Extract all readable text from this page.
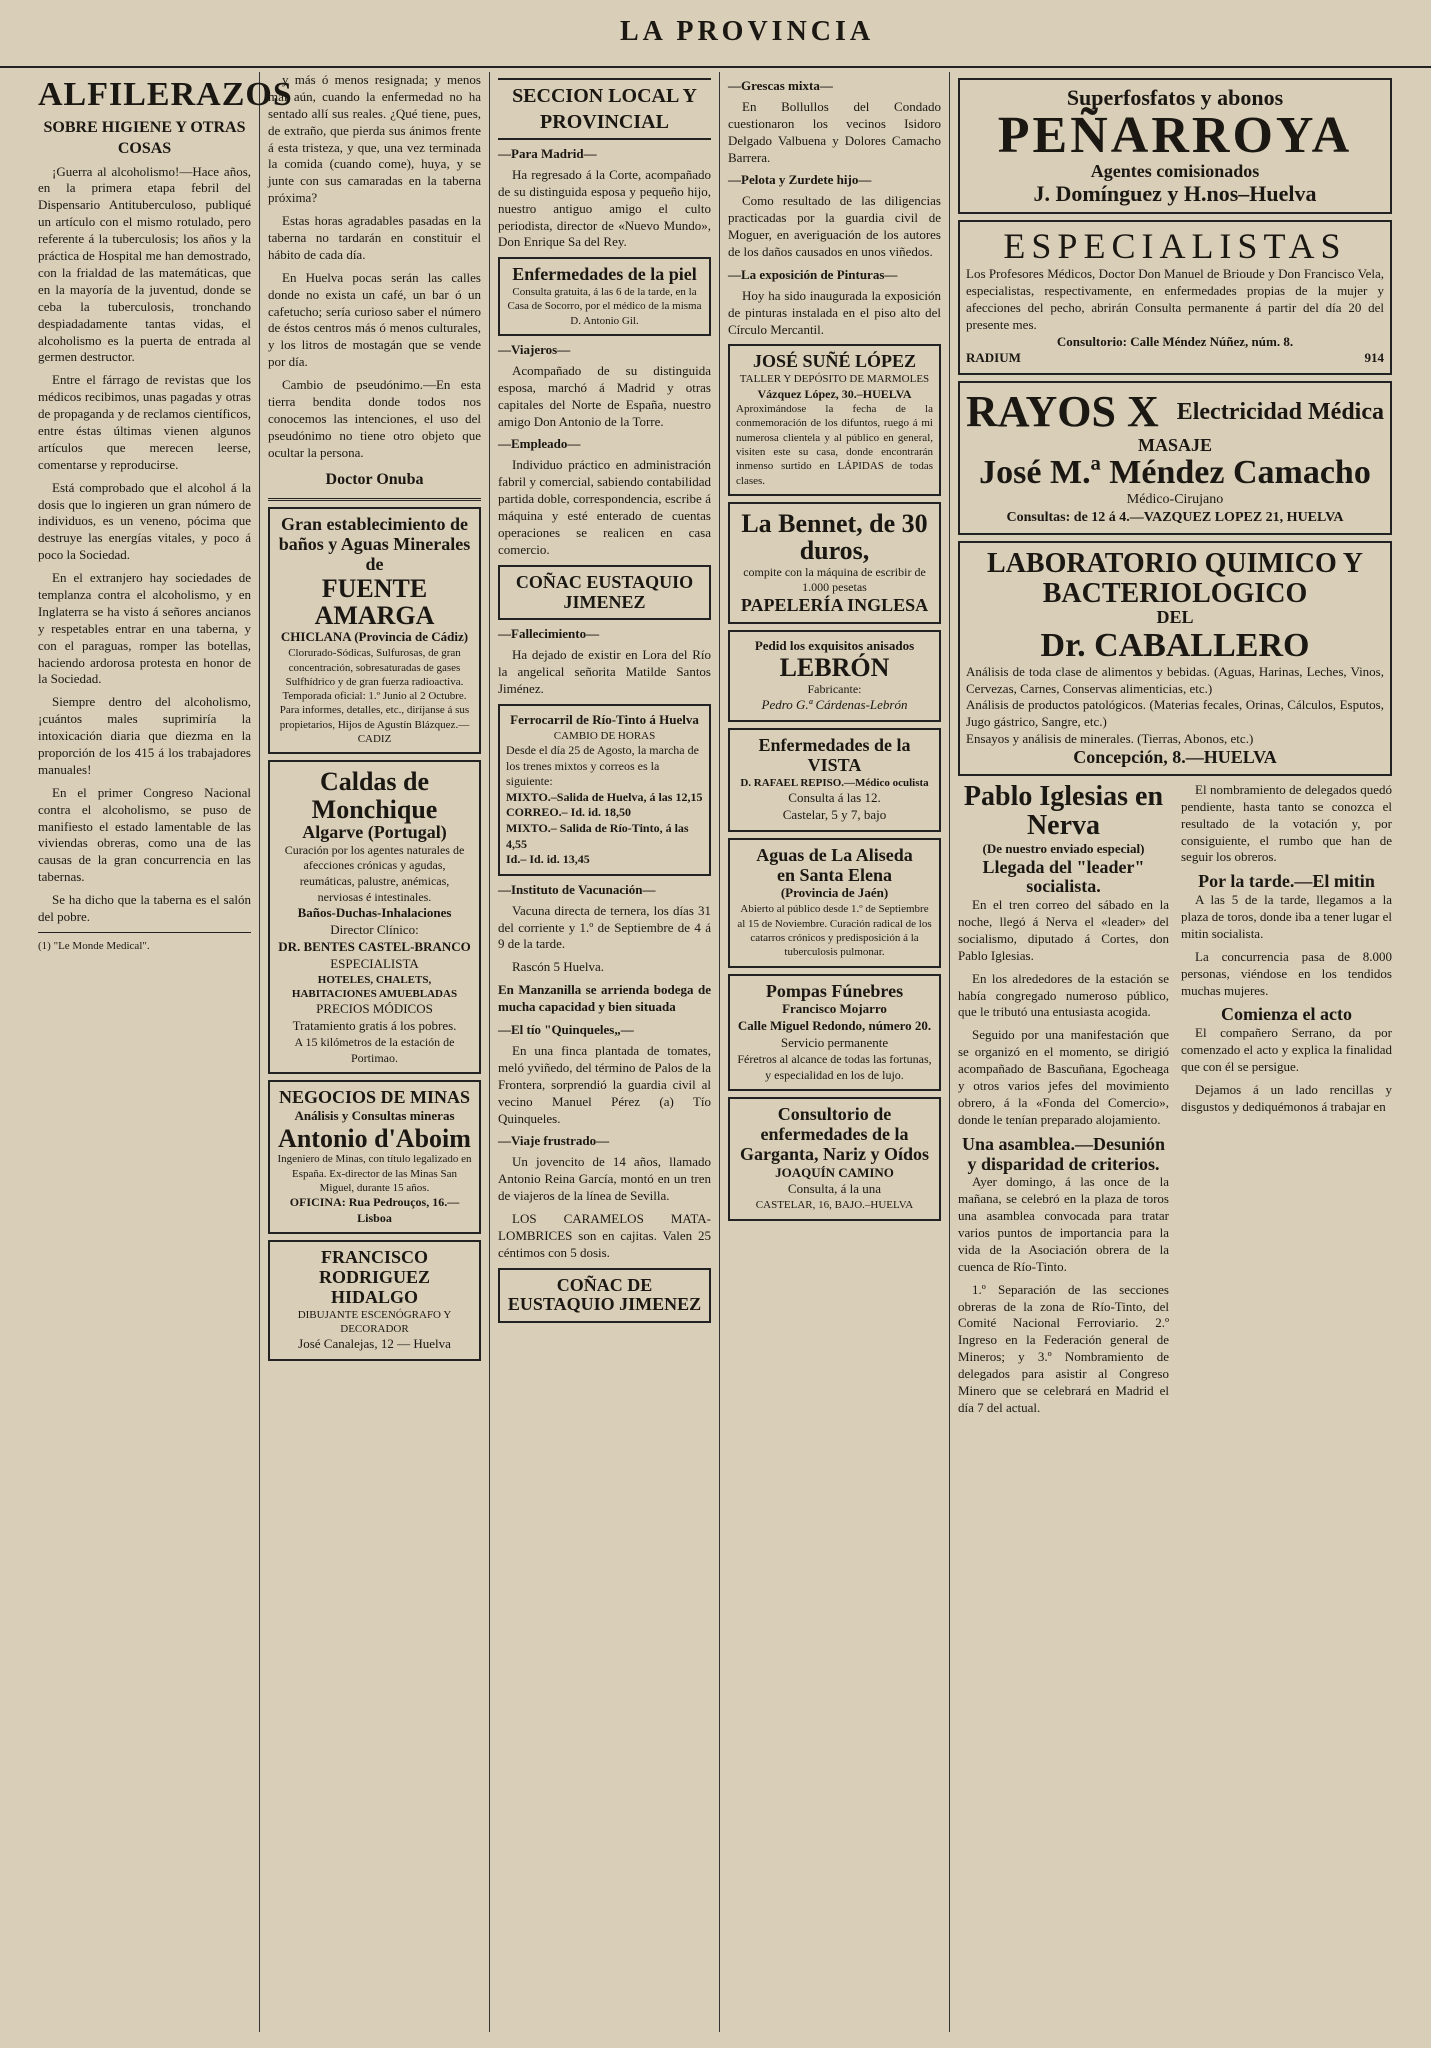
LA PROVINCIA
ALFILERAZOS
SOBRE HIGIENE Y OTRAS COSAS

¡Guerra al alcoholismo!—Hace años, en la primera etapa febril del Dispensario Antituberculoso, publiqué un artículo con el mismo rotulado, pero referente á la tuberculosis; los años y la práctica de Hospital me han demostrado, con la frialdad de las matemáticas, que en la mayoría de la juventud, donde se ceba la tuberculosis, tronchando despiadadamente tantas vidas, el alcoholismo es la puerta de entrada al germen destructor.

Entre el fárrago de revistas que los médicos recibimos, unas pagadas y otras de propaganda y de reclamos científicos, entre éstas últimas vienen algunos artículos que merecen leerse, comentarse y reproducirse.

Está comprobado que el alcohol á la dosis que lo ingieren un gran número de individuos, es un veneno, pócima que destruye las energías vitales, y poco á poco la Sociedad.

En el extranjero hay sociedades de templanza contra el alcoholismo, y en Inglaterra se ha visto á señores ancianos y respetables entrar en una taberna, y con el paraguas, romper las botellas, haciendo ardorosa protesta en honor de la Sociedad.

Siempre dentro del alcoholismo, ¡cuántos males suprimiría la intoxicación diaria que diezma en la proporción de los 415 á los trabajadores manuales!

En el primer Congreso Nacional contra el alcoholismo, se puso de manifiesto el estado lamentable de las viviendas obreras, como una de las causas de la gran concurrencia en las tabernas.

Se ha dicho que la taberna es el salón del pobre.

(1) "Le Monde Medical".

y más ó menos resignada; y menos mal aún, cuando la enfermedad no ha sentado allí sus reales. ¿Qué tiene, pues, de extraño, que pierda sus ánimos frente á esta tristeza, y que, una vez terminada la comida (cuando come), huya, y se junte con sus camaradas en la taberna próxima?

Estas horas agradables pasadas en la taberna no tardarán en constituir el hábito de cada día.

En Huelva pocas serán las calles donde no exista un café, un bar ó un cafetucho; sería curioso saber el número de éstos centros más ó menos culturales, y los litros de mostagán que se vende por día.

Cambio de pseudónimo.—En esta tierra bendita donde todos nos conocemos las intenciones, el uso del pseudónimo no tiene otro objeto que ocultar la persona.

Doctor Onuba
Gran establecimiento de baños y Aguas Minerales de
FUENTE AMARGA
CHICLANA (Provincia de Cádiz)
Clorurado-Sódicas, Sulfurosas, de gran concentración, sobresaturadas de gases Sulfhídrico y de gran fuerza radioactiva. Temporada oficial: 1.º Junio al 2 Octubre.
Para informes, detalles, etc., diríjanse á sus propietarios, Hijos de Agustín Blázquez.—CADIZ
Caldas de Monchique
Algarve (Portugal)
Curación por los agentes naturales de afecciones crónicas y agudas, reumáticas, palustre, anémicas, nerviosas é intestinales.
Baños-Duchas-Inhalaciones
Director Clínico:
DR. BENTES CASTEL-BRANCO
ESPECIALISTA
HOTELES, CHALETS, HABITACIONES AMUEBLADAS
PRECIOS MÓDICOS
Tratamiento gratis á los pobres.
A 15 kilómetros de la estación de Portimao.
NEGOCIOS DE MINAS
Análisis y Consultas mineras
Antonio d'Aboim
Ingeniero de Minas, con título legalizado en España. Ex-director de las Minas San Miguel, durante 15 años.
OFICINA: Rua Pedrouços, 16.—Lisboa
FRANCISCO RODRIGUEZ HIDALGO
DIBUJANTE ESCENÓGRAFO Y DECORADOR
José Canalejas, 12 — Huelva
SECCION LOCAL Y PROVINCIAL
—Para Madrid—

Ha regresado á la Corte, acompañado de su distinguida esposa y pequeño hijo, nuestro antiguo amigo el culto periodista, director de «Nuevo Mundo», Don Enrique Sa del Rey.

Enfermedades de la piel
Consulta gratuita, á las 6 de la tarde, en la Casa de Socorro, por el médico de la misma D. Antonio Gil.
—Viajeros—

Acompañado de su distinguida esposa, marchó á Madrid y otras capitales del Norte de España, nuestro amigo Don Antonio de la Torre.

—Empleado—

Individuo práctico en administración fabril y comercial, sabiendo contabilidad partida doble, correspondencia, escribe á máquina y esté enterado de cuentas operaciones se realicen en casa comercio.

COÑAC EUSTAQUIO JIMENEZ
—Fallecimiento—

Ha dejado de existir en Lora del Río la angelical señorita Matilde Santos Jiménez.

Ferrocarril de Río-Tinto á Huelva
CAMBIO DE HORAS
Desde el día 25 de Agosto, la marcha de los trenes mixtos y correos es la siguiente:
MIXTO.–Salida de Huelva, á las 12,15
CORREO.– Id. id. 18,50
MIXTO.– Salida de Río-Tinto, á las 4,55
Id.– Id. id. 13,45
—Instituto de Vacunación—

Vacuna directa de ternera, los días 31 del corriente y 1.º de Septiembre de 4 á 9 de la tarde.

Rascón 5 Huelva.

En Manzanilla se arrienda bodega de mucha capacidad y bien situada
—El tío "Quinqueles„—

En una finca plantada de tomates, meló yviñedo, del término de Palos de la Frontera, sorprendió la guardia civil al vecino Manuel Pérez (a) Tío Quinqueles.

—Viaje frustrado—

Un jovencito de 14 años, llamado Antonio Reina García, montó en un tren de viajeros de la línea de Sevilla.

LOS CARAMELOS MATA-LOMBRICES son en cajitas. Valen 25 céntimos con 5 dosis.

COÑAC DE EUSTAQUIO JIMENEZ
—Grescas mixta—

En Bollullos del Condado cuestionaron los vecinos Isidoro Delgado Valbuena y Dolores Camacho Barrera.

—Pelota y Zurdete hijo—

Como resultado de las diligencias practicadas por la guardia civil de Moguer, en averiguación de los autores de los daños causados en unos viñedos.

—La exposición de Pinturas—

Hoy ha sido inaugurada la exposición de pinturas instalada en el piso alto del Círculo Mercantil.

JOSÉ SUÑÉ LÓPEZ
TALLER Y DEPÓSITO DE MARMOLES
Vázquez López, 30.–HUELVA
Aproximándose la fecha de la conmemoración de los difuntos, ruego á mi numerosa clientela y al público en general, visiten este su casa, donde encontrarán inmenso surtido en LÁPIDAS de todas clases.
La Bennet, de 30 duros,
compite con la máquina de escribir de 1.000 pesetas
PAPELERÍA INGLESA
Pedid los exquisitos anisados
LEBRÓN
Fabricante:
Pedro G.ª Cárdenas-Lebrón
Enfermedades de la VISTA
D. RAFAEL REPISO.—Médico oculista
Consulta á las 12.
Castelar, 5 y 7, bajo
Aguas de La Aliseda
en Santa Elena
(Provincia de Jaén)
Abierto al público desde 1.º de Septiembre al 15 de Noviembre. Curación radical de los catarros crónicos y predisposición á la tuberculosis pulmonar.
Pompas Fúnebres
Francisco Mojarro
Calle Miguel Redondo, número 20.
Servicio permanente
Féretros al alcance de todas las fortunas, y especialidad en los de lujo.
Consultorio de enfermedades de la Garganta, Nariz y Oídos
JOAQUÍN CAMINO
Consulta, á la una
CASTELAR, 16, BAJO.–HUELVA
Superfosfatos y abonos
PEÑARROYA
Agentes comisionados
J. Domínguez y H.nos–Huelva
ESPECIALISTAS
Los Profesores Médicos, Doctor Don Manuel de Brioude y Don Francisco Vela, especialistas, respectivamente, en enfermedades propias de la mujer y afecciones del pecho, abrirán Consulta permanente á partir del día 20 del presente mes.
Consultorio: Calle Méndez Núñez, núm. 8.
RADIUM	914
RAYOS X Electricidad Médica
MASAJE
José M.ª Méndez Camacho
Médico-Cirujano
Consultas: de 12 á 4.—VAZQUEZ LOPEZ 21, HUELVA
LABORATORIO QUIMICO Y BACTERIOLOGICO
DEL
Dr. CABALLERO
Análisis de toda clase de alimentos y bebidas. (Aguas, Harinas, Leches, Vinos, Cervezas, Carnes, Conservas alimenticias, etc.)
Análisis de productos patológicos. (Materias fecales, Orinas, Cálculos, Esputos, Jugo gástrico, Sangre, etc.)
Ensayos y análisis de minerales. (Tierras, Abonos, etc.)
Concepción, 8.—HUELVA
Pablo Iglesias en Nerva
(De nuestro enviado especial)
Llegada del "leader" socialista.

En el tren correo del sábado en la noche, llegó á Nerva el «leader» del socialismo, diputado á Cortes, don Pablo Iglesias.

En los alrededores de la estación se había congregado numeroso público, que le tributó una entusiasta acogida.

Seguido por una manifestación que se organizó en el momento, se dirigió acompañado de Bascuñana, Egocheaga y otros varios jefes del movimiento obrero, á la «Fonda del Comercio», donde le tenían preparado alojamiento.

Una asamblea.—Desunión y disparidad de criterios.

Ayer domingo, á las once de la mañana, se celebró en la plaza de toros una asamblea convocada para tratar varios puntos de importancia para la vida de la Asociación obrera de la cuenca de Río-Tinto.

1.º Separación de las secciones obreras de la zona de Río-Tinto, del Comité Nacional Ferroviario. 2.º Ingreso en la Federación general de Mineros; y 3.º Nombramiento de delegados para asistir al Congreso Minero que se celebrará en Madrid el día 7 del actual.

El nombramiento de delegados quedó pendiente, hasta tanto se conozca el resultado de la votación y, por consiguiente, el rumbo que han de seguir los obreros.

Por la tarde.—El mitin

A las 5 de la tarde, llegamos a la plaza de toros, donde iba a tener lugar el mitin socialista.

La concurrencia pasa de 8.000 personas, viéndose en los tendidos muchas mujeres.

Comienza el acto

El compañero Serrano, da por comenzado el acto y explica la finalidad que con él se persigue.

Dejamos á un lado rencillas y disgustos y dediquémonos á trabajar en
